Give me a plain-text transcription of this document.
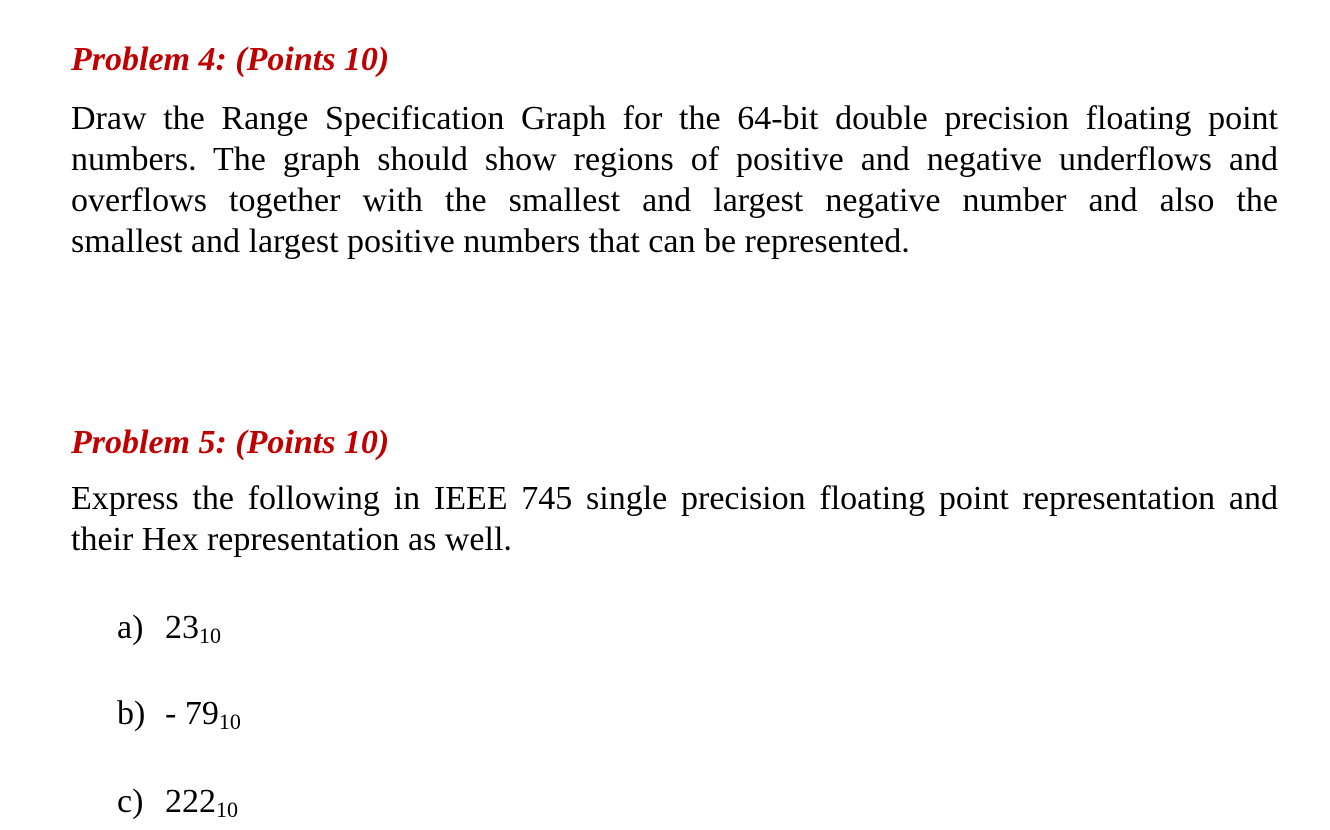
Problem 4: (Points 10)

Draw the Range Specification Graph for the 64-bit double precision floating point
numbers. The graph should show regions of positive and negative underflows and
overflows together with the smallest and largest negative number and also the
smallest and largest positive numbers that can be represented.

Problem 5: (Points 10)

Express the following in IEEE 745 single precision floating point representation and
their Hex representation as well.

a) $23_{10}$
$b) - 79_{10}$
c) $222_{10}$
